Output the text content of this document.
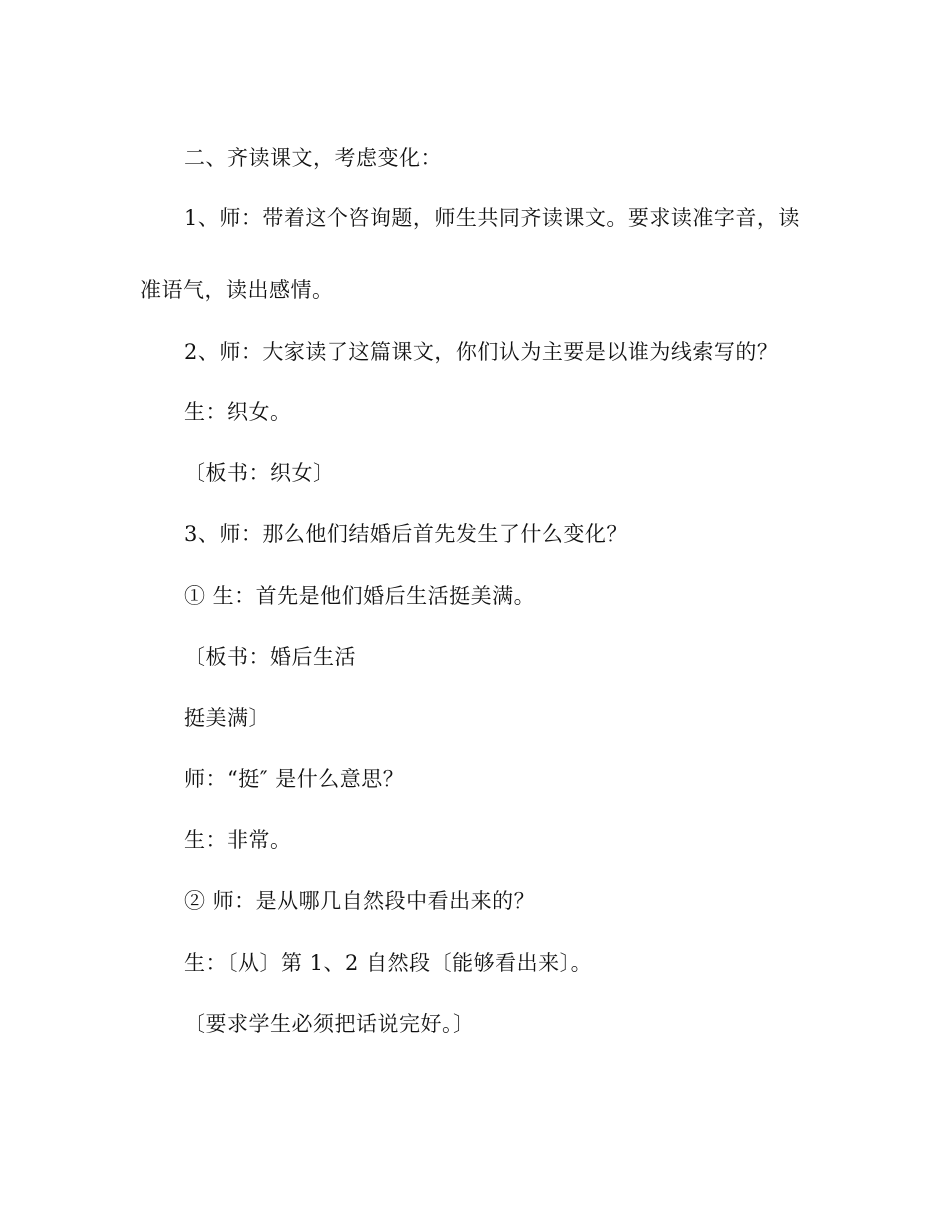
二、齐读课文，考虑变化：
1、师：带着这个咨询题，师生共同齐读课文。要求读准字音，读
准语气，读出感情。
2、师：大家读了这篇课文，你们认为主要是以谁为线索写的？
生：织女。
〔板书：织女〕
3、师：那么他们结婚后首先发生了什么变化？
① 生：首先是他们婚后生活挺美满。
〔板书：婚后生活
挺美满〕
师：“挺″ 是什么意思？
生：非常。
② 师：是从哪几自然段中看出来的？
生：〔从〕第 1、2 自然段〔能够看出来〕。
〔要求学生必须把话说完好。〕
